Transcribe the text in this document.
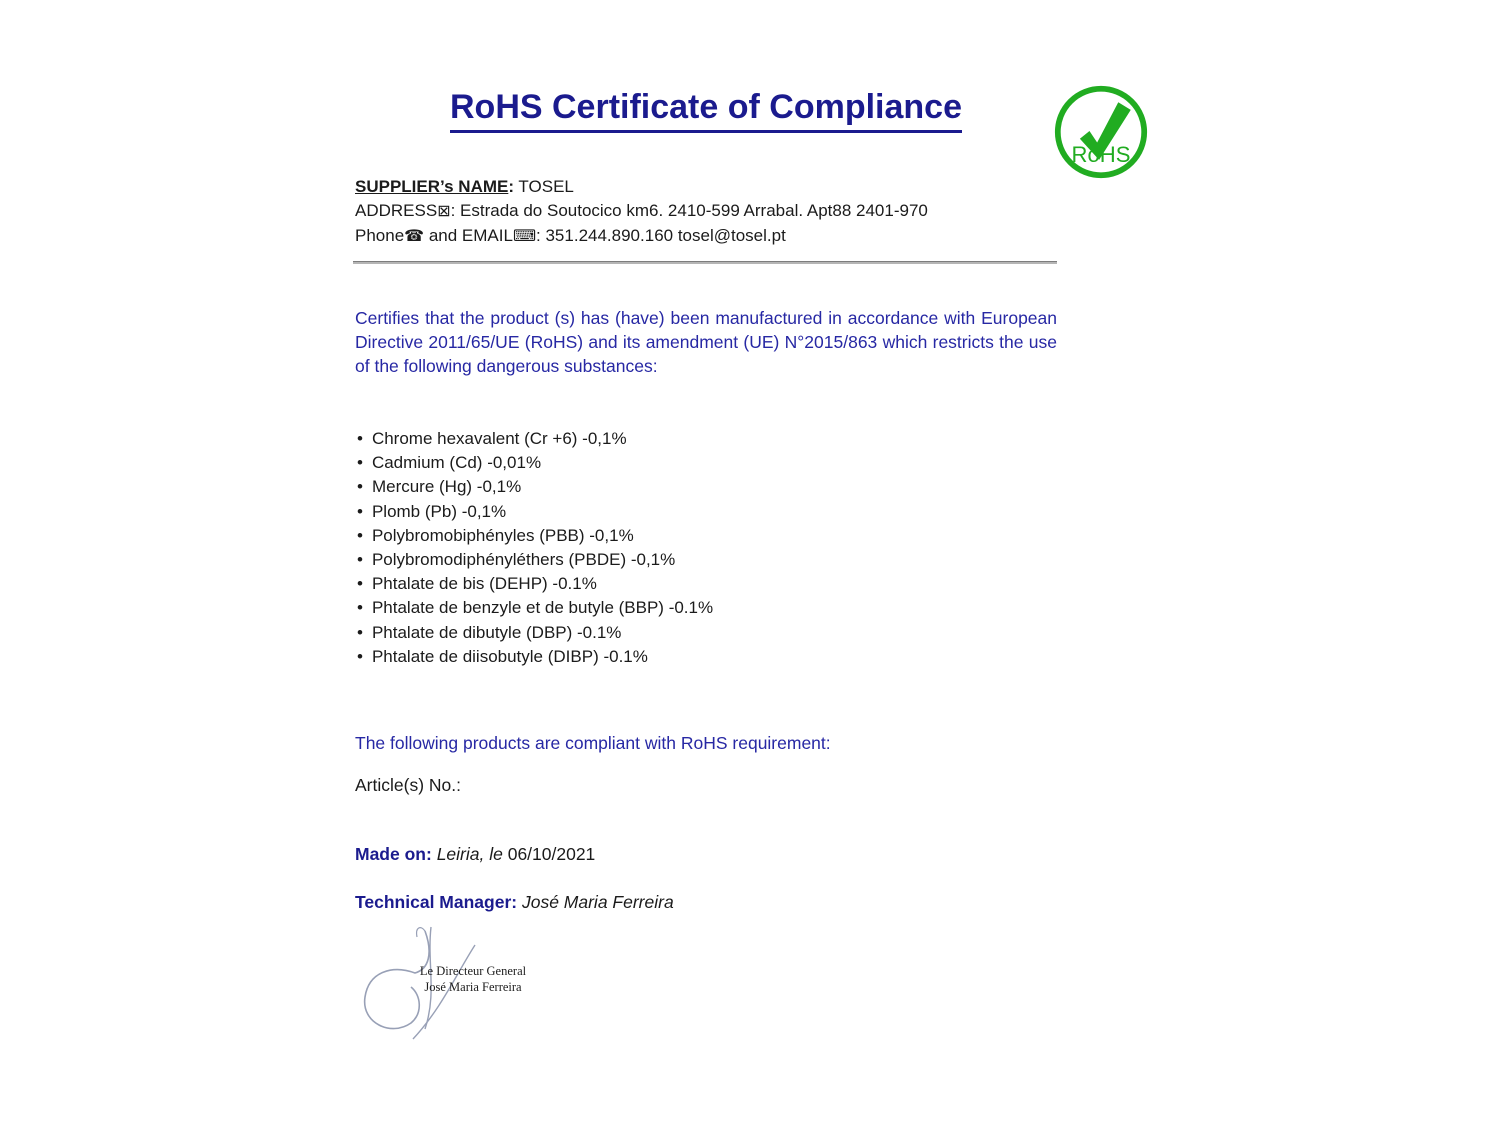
RoHS Certificate of Compliance
RoHS
SUPPLIER’s NAME: TOSEL
ADDRESS⊠: Estrada do Soutocico km6. 2410-599 Arrabal. Apt88 2401-970
Phone☎ and EMAIL⌨: 351.244.890.160 tosel@tosel.pt

Certifies that the product (s) has (have) been manufactured in accordance with European Directive 2011/65/UE (RoHS) and its amendment (UE) N°2015/863 which restricts the use of the following dangerous substances:

• Chrome hexavalent (Cr +6) -0,1%
• Cadmium (Cd) -0,01%
• Mercure (Hg) -0,1%
• Plomb (Pb) -0,1%
• Polybromobiphényles (PBB) -0,1%
• Polybromodiphényléthers (PBDE) -0,1%
• Phtalate de bis (DEHP) -0.1%
• Phtalate de benzyle et de butyle (BBP) -0.1%
• Phtalate de dibutyle (DBP) -0.1%
• Phtalate de diisobutyle (DIBP) -0.1%
The following products are compliant with RoHS requirement:
Article(s) No.:
Made on: Leiria, le 06/10/2021
Technical Manager: José Maria Ferreira
Le Directeur General
José Maria Ferreira
